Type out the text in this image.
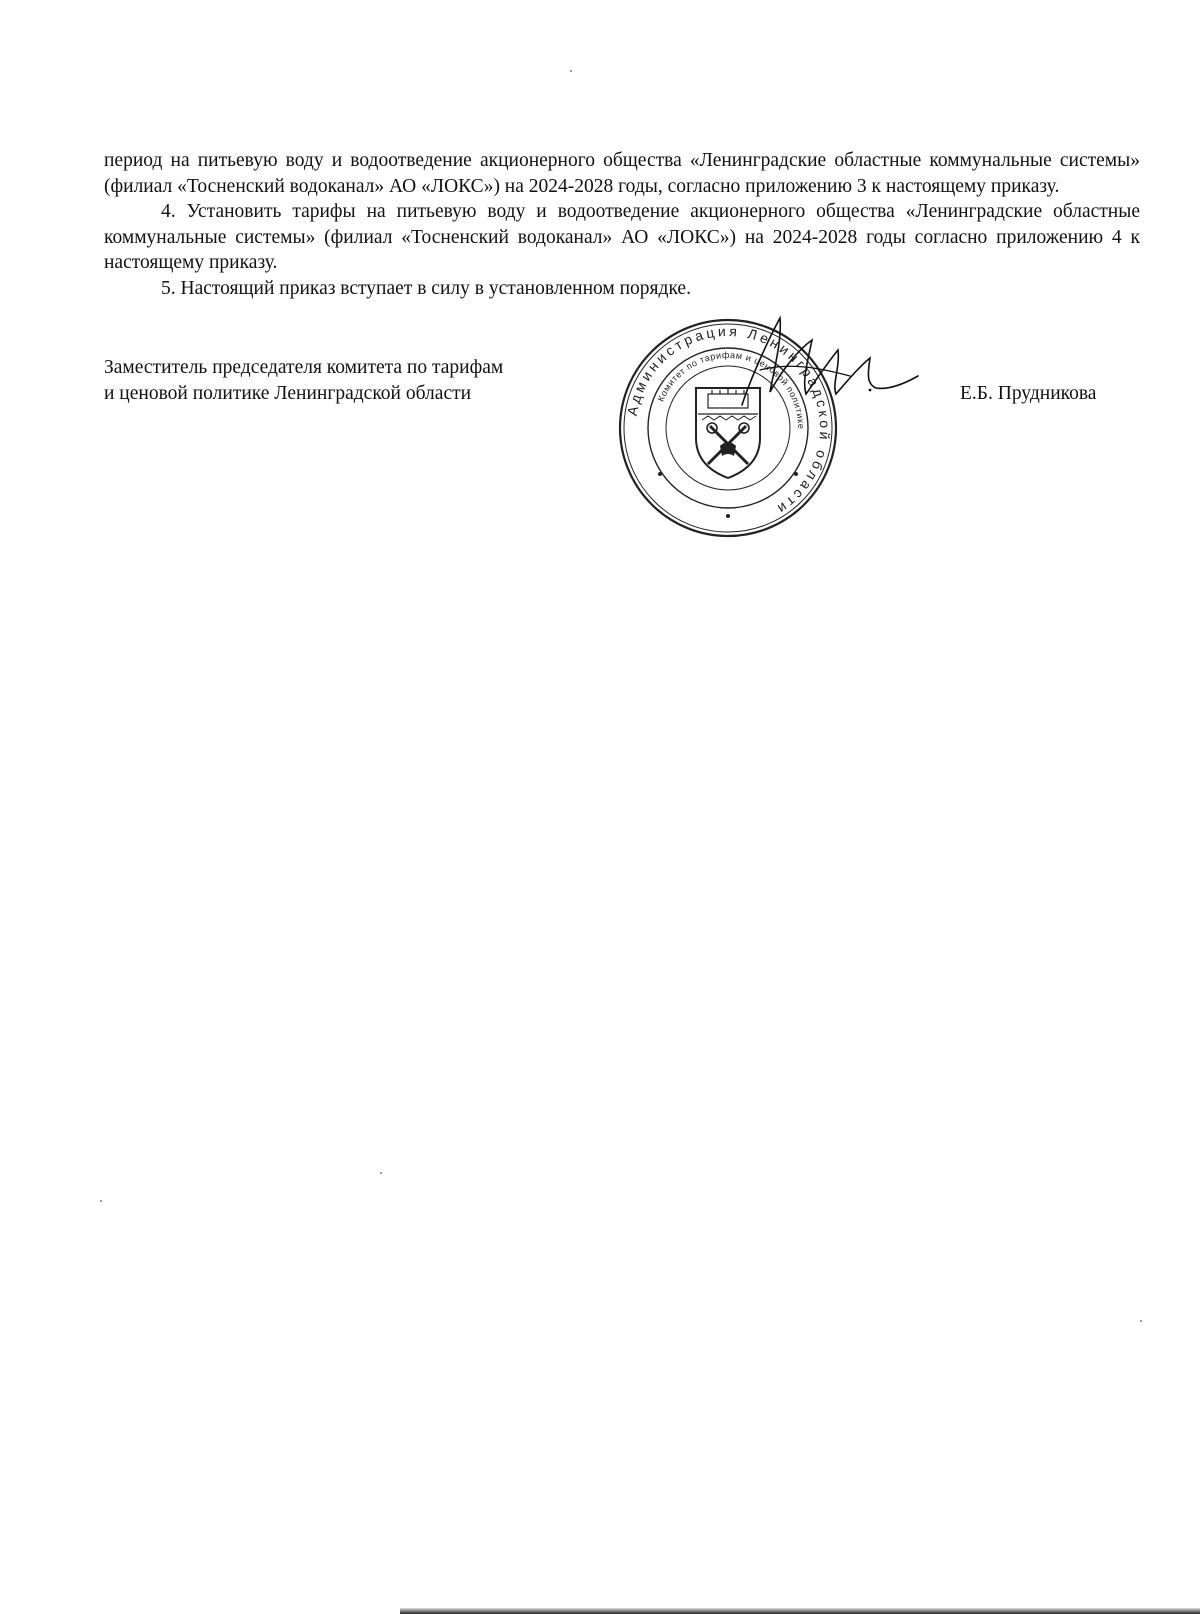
период на питьевую воду и водоотведение акционерного общества «Ленинградские областные коммунальные системы» (филиал «Тосненский водоканал» АО «ЛОКС») на 2024-2028 годы, согласно приложению 3 к настоящему приказу.

4. Установить тарифы на питьевую воду и водоотведение акционерного общества «Ленинградские областные коммунальные системы» (филиал «Тосненский водоканал» АО «ЛОКС») на 2024-2028 годы согласно приложению 4 к настоящему приказу.

5. Настоящий приказ вступает в силу в установленном порядке.

Заместитель председателя комитета по тарифам
и ценовой политике Ленинградской области	Е.Б. Прудникова
Администрация Ленинградской области
Комитет по тарифам и ценовой политике
